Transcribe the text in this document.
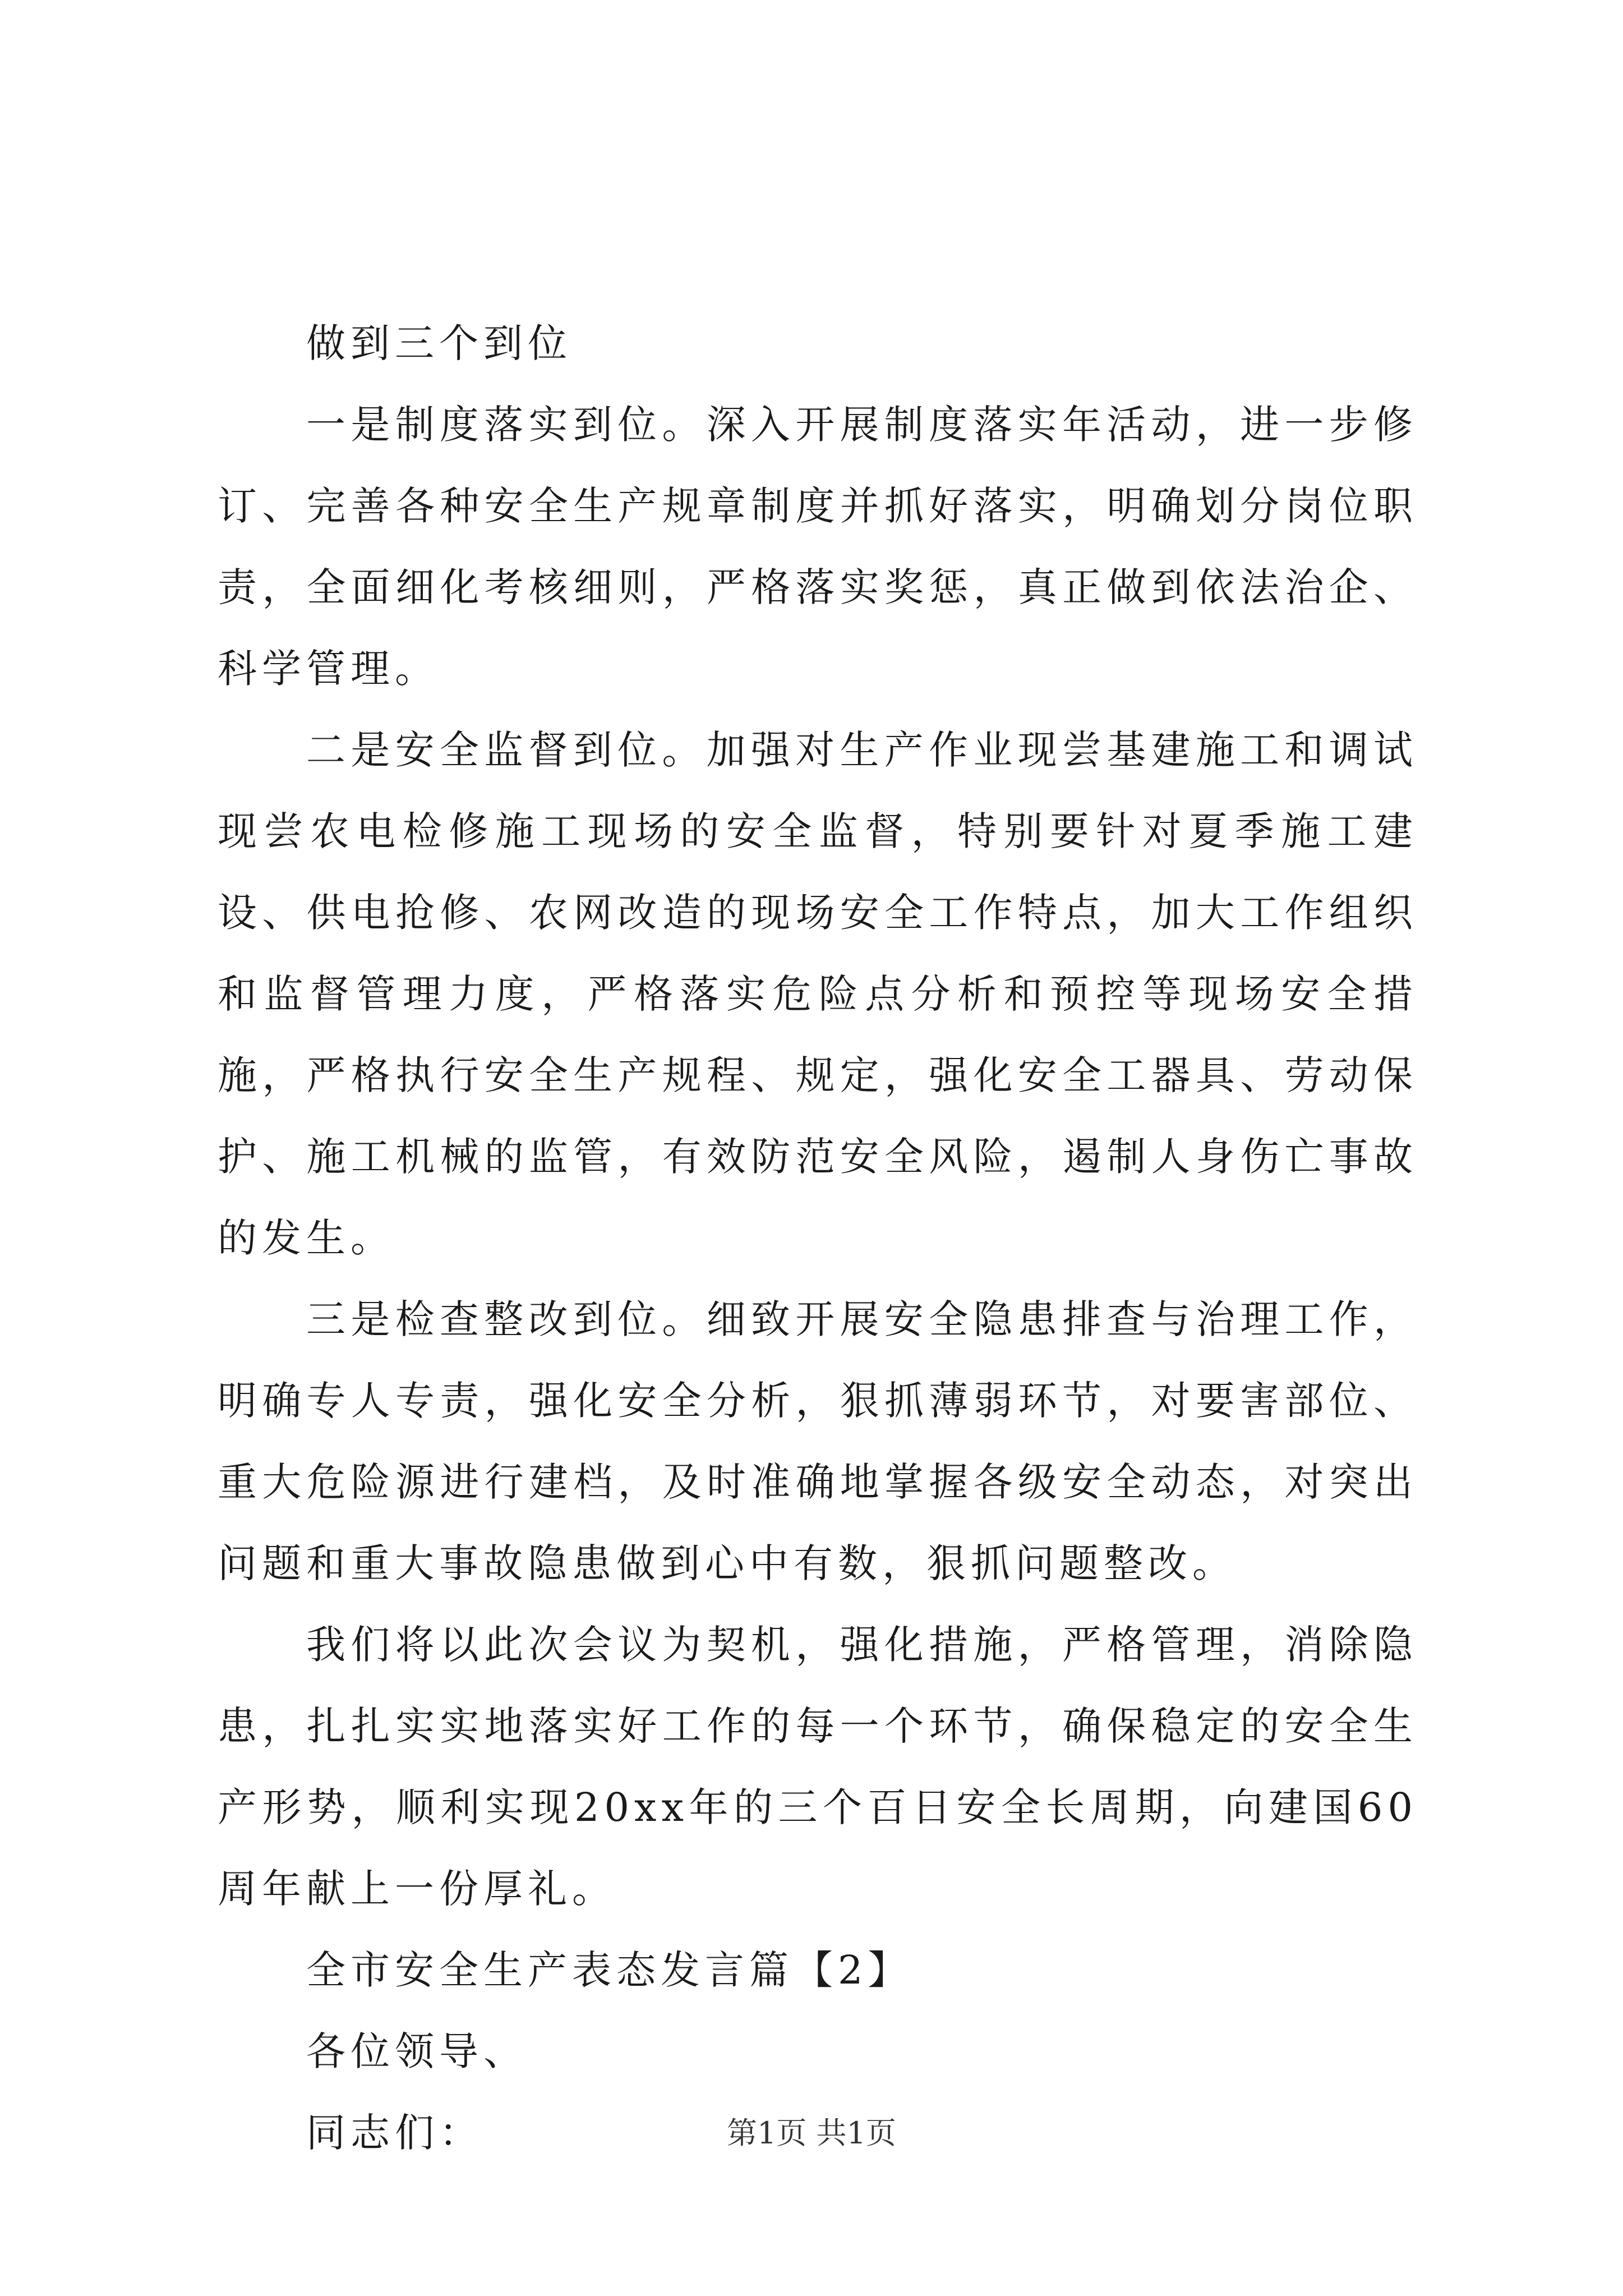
做到三个到位

一是制度落实到位。深入开展制度落实年活动，进一步修订、完善各种安全生产规章制度并抓好落实，明确划分岗位职责，全面细化考核细则，严格落实奖惩，真正做到依法治企、科学管理。

二是安全监督到位。加强对生产作业现尝基建施工和调试现尝农电检修施工现场的安全监督，特别要针对夏季施工建设、供电抢修、农网改造的现场安全工作特点，加大工作组织和监督管理力度，严格落实危险点分析和预控等现场安全措施，严格执行安全生产规程、规定，强化安全工器具、劳动保护、施工机械的监管，有效防范安全风险，遏制人身伤亡事故的发生。

三是检查整改到位。细致开展安全隐患排查与治理工作，明确专人专责，强化安全分析，狠抓薄弱环节，对要害部位、重大危险源进行建档，及时准确地掌握各级安全动态，对突出问题和重大事故隐患做到心中有数，狠抓问题整改。

我们将以此次会议为契机，强化措施，严格管理，消除隐患，扎扎实实地落实好工作的每一个环节，确保稳定的安全生产形势，顺利实现20xx年的三个百日安全长周期，向建国60周年献上一份厚礼。

全市安全生产表态发言篇【2】

各位领导、

同志们：	第1页 共1页
